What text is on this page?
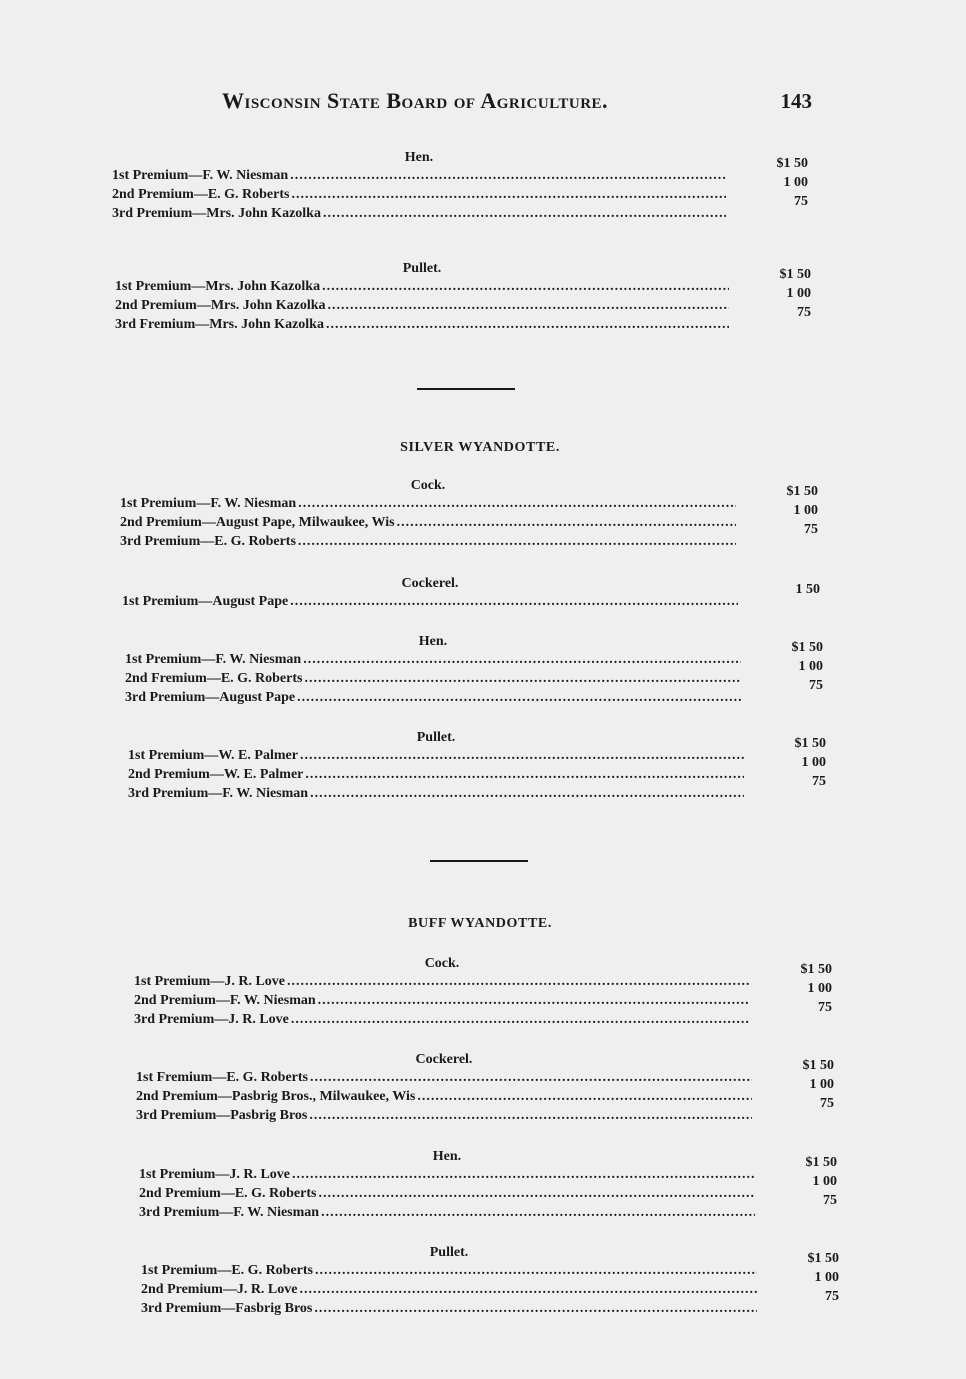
Wisconsin State Board of Agriculture.	143
Hen.
1st Premium—F. W. Niesman
.....
2nd Premium—E. G. Roberts
.....
3rd Premium—Mrs. John Kazolka
.....
$1 50
1 00
75
Pullet.
1st Premium—Mrs. John Kazolka
.....
2nd Premium—Mrs. John Kazolka
.....
3rd Fremium—Mrs. John Kazolka
.....
$1 50
1 00
75
SILVER WYANDOTTE.
Cock.
1st Premium—F. W. Niesman
.....
2nd Premium—August Pape, Milwaukee, Wis
.....
3rd Premium—E. G. Roberts
.....
$1 50
1 00
75
Cockerel.
1st Premium—August Pape
.....
1 50
Hen.
1st Premium—F. W. Niesman
.....
2nd Fremium—E. G. Roberts
.....
3rd Premium—August Pape
.....
$1 50
1 00
75
Pullet.
1st Premium—W. E. Palmer
.....
2nd Premium—W. E. Palmer
.....
3rd Premium—F. W. Niesman
.....
$1 50
1 00
75
BUFF WYANDOTTE.
Cock.
1st Premium—J. R. Love
.....
2nd Premium—F. W. Niesman
.....
3rd Premium—J. R. Love
.....
$1 50
1 00
75
Cockerel.
1st Fremium—E. G. Roberts
.....
2nd Premium—Pasbrig Bros., Milwaukee, Wis
.....
3rd Premium—Pasbrig Bros
.....
$1 50
1 00
75
Hen.
1st Premium—J. R. Love
.....
2nd Premium—E. G. Roberts
.....
3rd Premium—F. W. Niesman
.....
$1 50
1 00
75
Pullet.
1st Premium—E. G. Roberts
.....
2nd Premium—J. R. Love
.....
3rd Premium—Fasbrig Bros
.....
$1 50
1 00
75
